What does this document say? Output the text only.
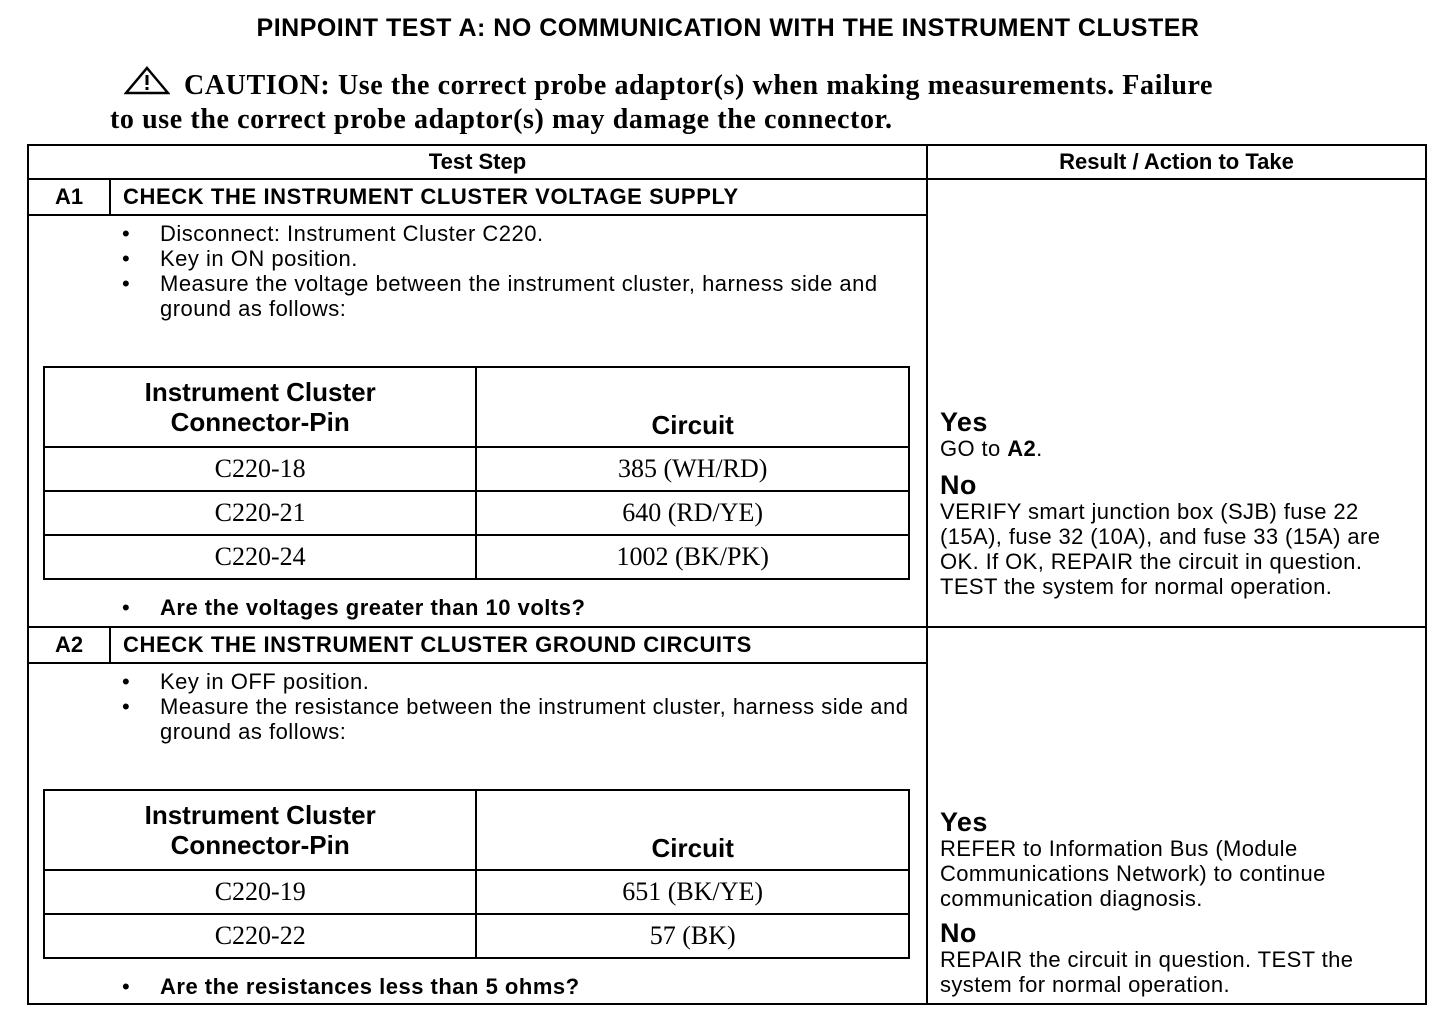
PINPOINT TEST A: NO COMMUNICATION WITH THE INSTRUMENT CLUSTER
CAUTION: Use the correct probe adaptor(s) when making measurements. Failure
to use the correct probe adaptor(s) may damage the connector.
Test Step	Result / Action to Take
A1	CHECK THE INSTRUMENT CLUSTER VOLTAGE SUPPLY
• Disconnect: Instrument Cluster C220.
• Key in ON position.
• Measure the voltage between the instrument cluster, harness side and ground as follows:
Instrument Cluster Connector-Pin	Circuit
C220-18	385 (WH/RD)
C220-21	640 (RD/YE)
C220-24	1002 (BK/PK)
• Are the voltages greater than 10 volts?

Yes

GO to A2.

No

VERIFY smart junction box (SJB) fuse 22 (15A), fuse 32 (10A), and fuse 33 (15A) are OK. If OK, REPAIR the circuit in question. TEST the system for normal operation.

A2	CHECK THE INSTRUMENT CLUSTER GROUND CIRCUITS
• Key in OFF position.
• Measure the resistance between the instrument cluster, harness side and ground as follows:
Instrument Cluster Connector-Pin	Circuit
C220-19	651 (BK/YE)
C220-22	57 (BK)
• Are the resistances less than 5 ohms?

Yes

REFER to Information Bus (Module Communications Network) to continue communication diagnosis.

No

REPAIR the circuit in question. TEST the system for normal operation.
